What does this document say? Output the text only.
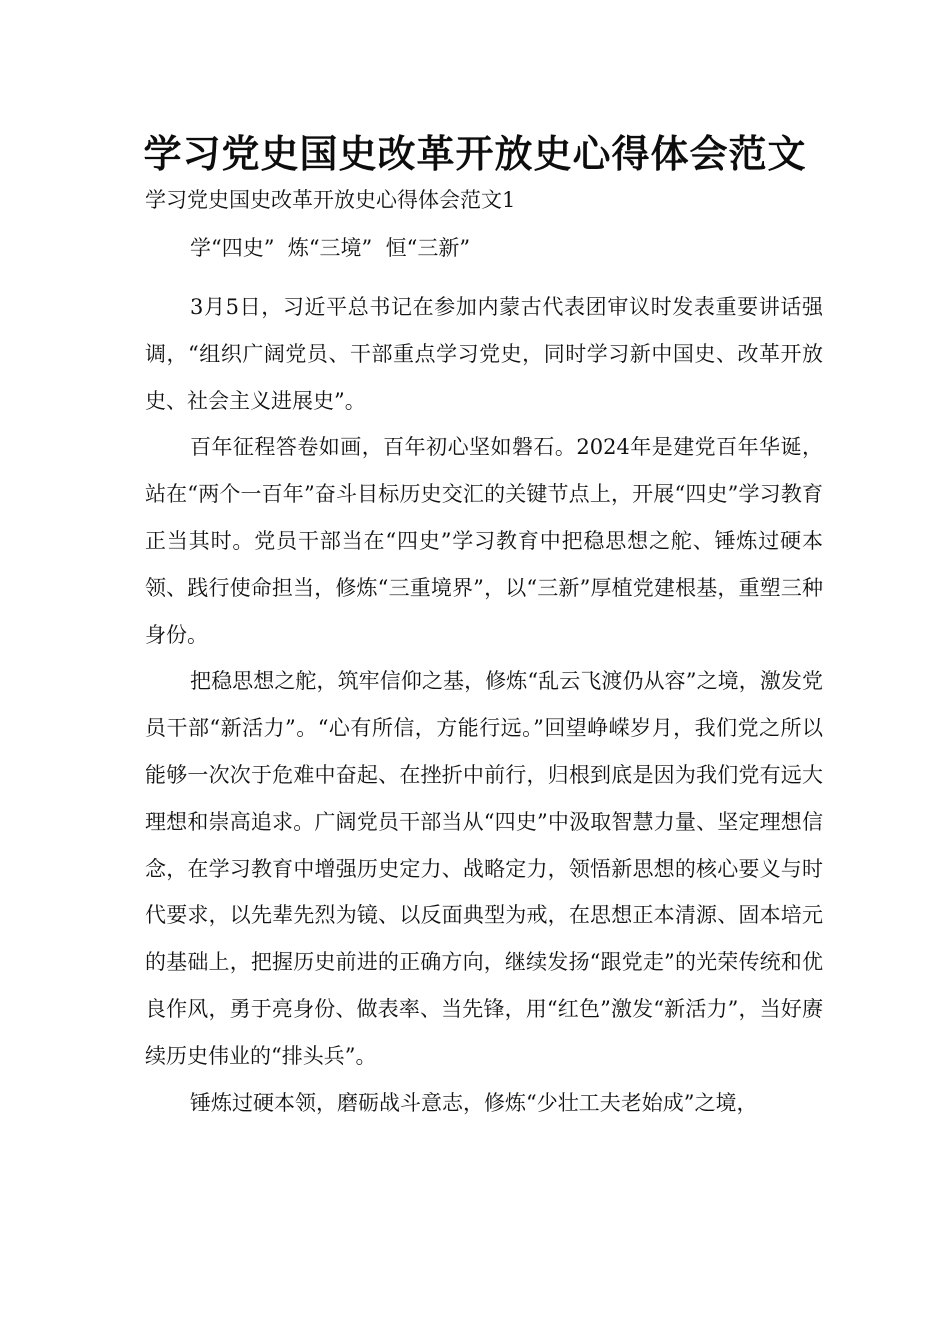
学习党史国史改革开放史心得体会范文

学习党史国史改革开放史心得体会范文1

学“四史”  炼“三境”  恒“三新”

3月5日，习近平总书记在参加内蒙古代表团审议时发表重要讲话强调，“组织广阔党员、干部重点学习党史，同时学习新中国史、改革开放史、社会主义进展史”。

百年征程答卷如画，百年初心坚如磐石。2024年是建党百年华诞，站在“两个一百年”奋斗目标历史交汇的关键节点上，开展“四史”学习教育正当其时。党员干部当在“四史”学习教育中把稳思想之舵、锤炼过硬本领、践行使命担当，修炼“三重境界”，以“三新”厚植党建根基，重塑三种身份。

把稳思想之舵，筑牢信仰之基，修炼“乱云飞渡仍从容”之境，激发党员干部“新活力”。“心有所信，方能行远。”回望峥嵘岁月，我们党之所以能够一次次于危难中奋起、在挫折中前行，归根到底是因为我们党有远大理想和崇高追求。广阔党员干部当从“四史”中汲取智慧力量、坚定理想信念，在学习教育中增强历史定力、战略定力，领悟新思想的核心要义与时代要求，以先辈先烈为镜、以反面典型为戒，在思想正本清源、固本培元的基础上，把握历史前进的正确方向，继续发扬“跟党走”的光荣传统和优良作风，勇于亮身份、做表率、当先锋，用“红色”激发“新活力”，当好赓续历史伟业的“排头兵”。

锤炼过硬本领，磨砺战斗意志，修炼“少壮工夫老始成”之境，
